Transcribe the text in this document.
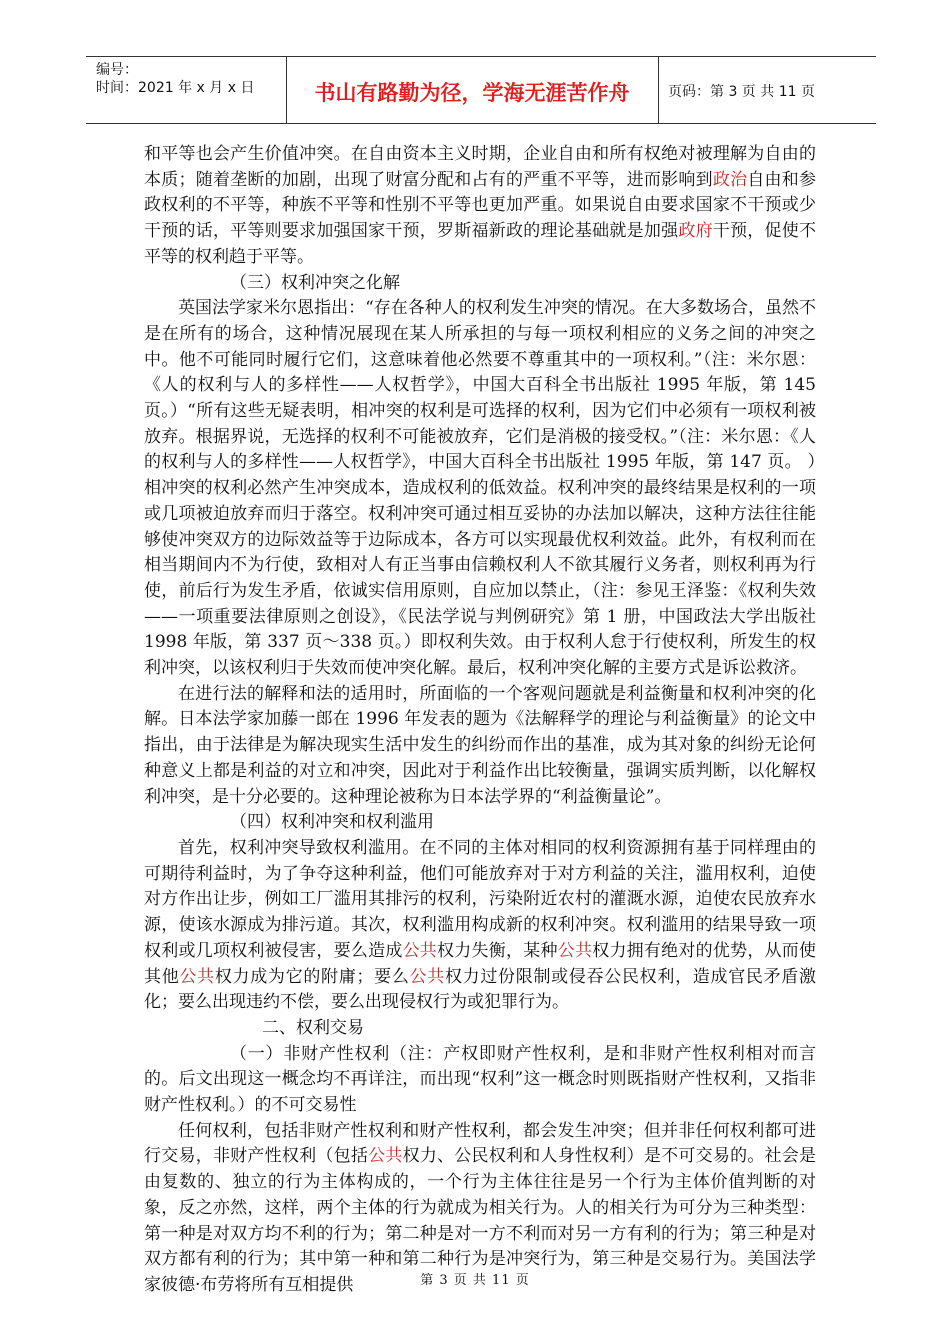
编号：
时间：2021 年 x 月 x 日	书山有路勤为径，学海无涯苦作舟	页码：第 3 页 共 11 页

和平等也会产生价值冲突。在自由资本主义时期，企业自由和所有权绝对被理解为自由的本质；随着垄断的加剧，出现了财富分配和占有的严重不平等，进而影响到政治自由和参政权利的不平等，种族不平等和性别不平等也更加严重。如果说自由要求国家不干预或少干预的话，平等则要求加强国家干预，罗斯福新政的理论基础就是加强政府干预，促使不平等的权利趋于平等。

（三）权利冲突之化解

英国法学家米尔恩指出：“存在各种人的权利发生冲突的情况。在大多数场合，虽然不是在所有的场合，这种情况展现在某人所承担的与每一项权利相应的义务之间的冲突之中。他不可能同时履行它们，这意味着他必然要不尊重其中的一项权利。”（注：米尔恩：《人的权利与人的多样性——人权哲学》，中国大百科全书出版社 1995 年版，第 145 页。）“所有这些无疑表明，相冲突的权利是可选择的权利，因为它们中必须有一项权利被放弃。根据界说，无选择的权利不可能被放弃，它们是消极的接受权。”（注：米尔恩：《人的权利与人的多样性——人权哲学》，中国大百科全书出版社 1995 年版，第 147 页。 ）相冲突的权利必然产生冲突成本，造成权利的低效益。权利冲突的最终结果是权利的一项或几项被迫放弃而归于落空。权利冲突可通过相互妥协的办法加以解决，这种方法往往能够使冲突双方的边际效益等于边际成本，各方可以实现最优权利效益。此外，有权利而在相当期间内不为行使，致相对人有正当事由信赖权利人不欲其履行义务者，则权利再为行使，前后行为发生矛盾，依诚实信用原则，自应加以禁止，（注：参见王泽鉴：《权利失效——一项重要法律原则之创设》，《民法学说与判例研究》第 1 册，中国政法大学出版社 1998 年版，第 337 页～338 页。）即权利失效。由于权利人怠于行使权利，所发生的权利冲突，以该权利归于失效而使冲突化解。最后，权利冲突化解的主要方式是诉讼救济。

在进行法的解释和法的适用时，所面临的一个客观问题就是利益衡量和权利冲突的化解。日本法学家加藤一郎在 1996 年发表的题为《法解释学的理论与利益衡量》的论文中指出，由于法律是为解决现实生活中发生的纠纷而作出的基准，成为其对象的纠纷无论何种意义上都是利益的对立和冲突，因此对于利益作出比较衡量，强调实质判断，以化解权利冲突，是十分必要的。这种理论被称为日本法学界的“利益衡量论”。

（四）权利冲突和权利滥用

首先，权利冲突导致权利滥用。在不同的主体对相同的权利资源拥有基于同样理由的可期待利益时，为了争夺这种利益，他们可能放弃对于对方利益的关注，滥用权利，迫使对方作出让步，例如工厂滥用其排污的权利，污染附近农村的灌溉水源，迫使农民放弃水源，使该水源成为排污道。其次，权利滥用构成新的权利冲突。权利滥用的结果导致一项权利或几项权利被侵害，要么造成公共权力失衡，某种公共权力拥有绝对的优势，从而使其他公共权力成为它的附庸；要么公共权力过份限制或侵吞公民权利，造成官民矛盾激化；要么出现违约不偿，要么出现侵权行为或犯罪行为。

二、权利交易

（一）非财产性权利（注：产权即财产性权利，是和非财产性权利相对而言的。后文出现这一概念均不再详注，而出现“权利”这一概念时则既指财产性权利，又指非财产性权利。）的不可交易性

任何权利，包括非财产性权利和财产性权利，都会发生冲突；但并非任何权利都可进行交易，非财产性权利（包括公共权力、公民权利和人身性权利）是不可交易的。社会是由复数的、独立的行为主体构成的，一个行为主体往往是另一个行为主体价值判断的对象，反之亦然，这样，两个主体的行为就成为相关行为。人的相关行为可分为三种类型：第一种是对双方均不利的行为；第二种是对一方不利而对另一方有利的行为；第三种是对双方都有利的行为；其中第一种和第二种行为是冲突行为，第三种是交易行为。美国法学家彼德·布劳将所有互相提供	第 3 页 共 11 页
